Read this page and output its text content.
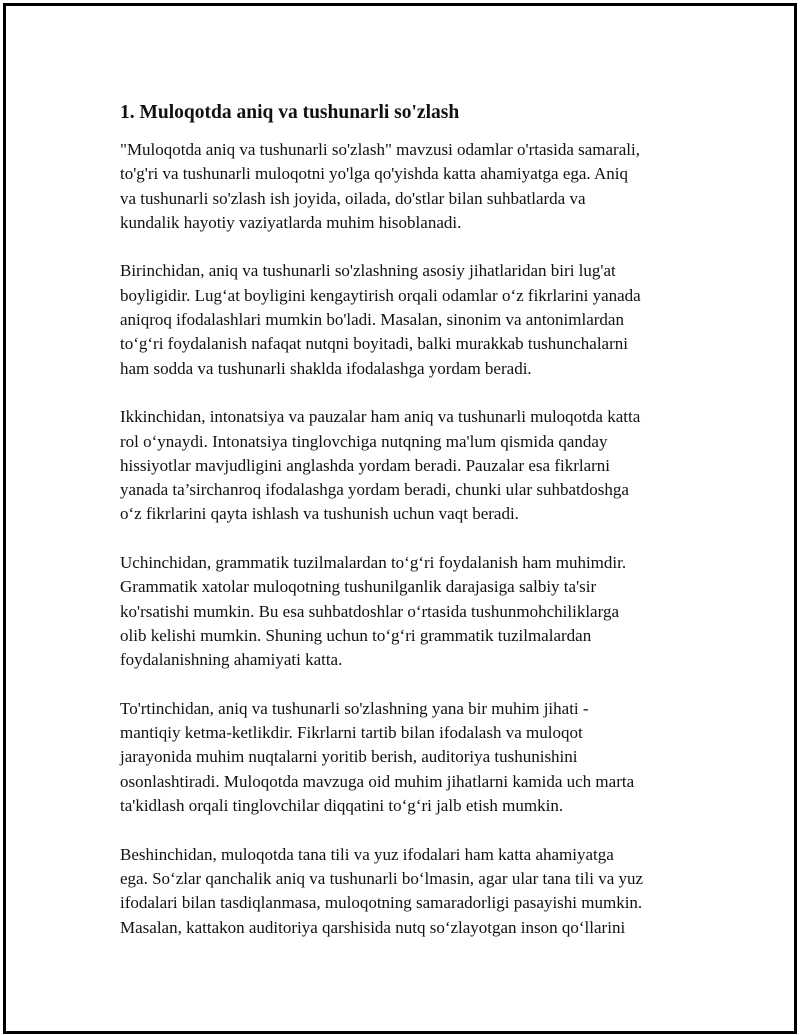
1. Muloqotda aniq va tushunarli so'zlash

"Muloqotda aniq va tushunarli so'zlash" mavzusi odamlar o'rtasida samarali,
to'g'ri va tushunarli muloqotni yo'lga qo'yishda katta ahamiyatga ega. Aniq
va tushunarli so'zlash ish joyida, oilada, do'stlar bilan suhbatlarda va
kundalik hayotiy vaziyatlarda muhim hisoblanadi.

Birinchidan, aniq va tushunarli so'zlashning asosiy jihatlaridan biri lug'at
boyligidir. Lug‘at boyligini kengaytirish orqali odamlar o‘z fikrlarini yanada
aniqroq ifodalashlari mumkin bo'ladi. Masalan, sinonim va antonimlardan
to‘g‘ri foydalanish nafaqat nutqni boyitadi, balki murakkab tushunchalarni
ham sodda va tushunarli shaklda ifodalashga yordam beradi.

Ikkinchidan, intonatsiya va pauzalar ham aniq va tushunarli muloqotda katta
rol o‘ynaydi. Intonatsiya tinglovchiga nutqning ma'lum qismida qanday
hissiyotlar mavjudligini anglashda yordam beradi. Pauzalar esa fikrlarni
yanada ta’sirchanroq ifodalashga yordam beradi, chunki ular suhbatdoshga
o‘z fikrlarini qayta ishlash va tushunish uchun vaqt beradi.

Uchinchidan, grammatik tuzilmalardan to‘g‘ri foydalanish ham muhimdir.
Grammatik xatolar muloqotning tushunilganlik darajasiga salbiy ta'sir
ko'rsatishi mumkin. Bu esa suhbatdoshlar o‘rtasida tushunmohchiliklarga
olib kelishi mumkin. Shuning uchun to‘g‘ri grammatik tuzilmalardan
foydalanishning ahamiyati katta.

To'rtinchidan, aniq va tushunarli so'zlashning yana bir muhim jihati -
mantiqiy ketma-ketlikdir. Fikrlarni tartib bilan ifodalash va muloqot
jarayonida muhim nuqtalarni yoritib berish, auditoriya tushunishini
osonlashtiradi. Muloqotda mavzuga oid muhim jihatlarni kamida uch marta
ta'kidlash orqali tinglovchilar diqqatini to‘g‘ri jalb etish mumkin.

Beshinchidan, muloqotda tana tili va yuz ifodalari ham katta ahamiyatga
ega. So‘zlar qanchalik aniq va tushunarli bo‘lmasin, agar ular tana tili va yuz
ifodalari bilan tasdiqlanmasa, muloqotning samaradorligi pasayishi mumkin.
Masalan, kattakon auditoriya qarshisida nutq so‘zlayotgan inson qo‘llarini
